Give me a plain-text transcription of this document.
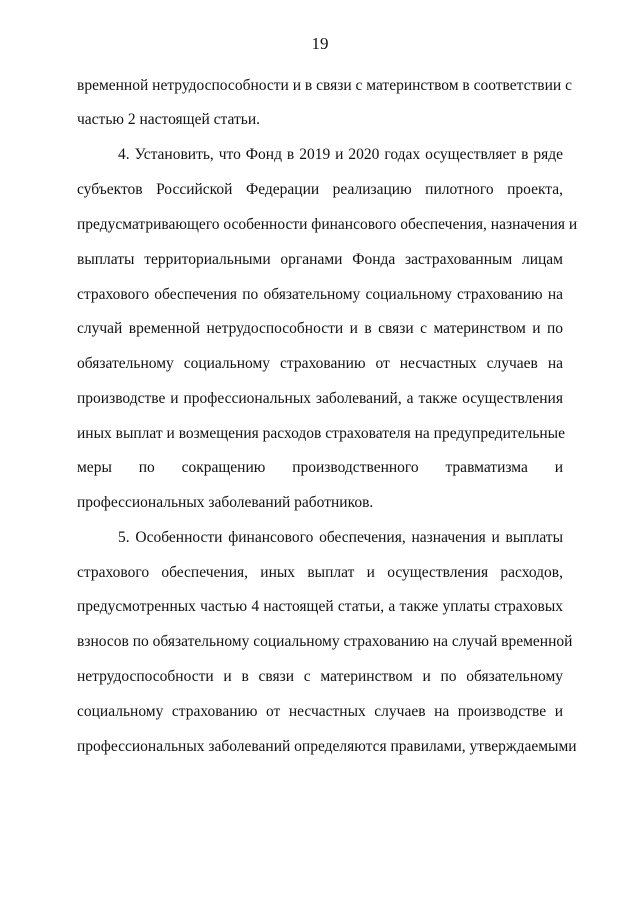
19
временной нетрудоспособности и в связи с материнством в соответствии с
частью 2 настоящей статьи.
4. Установить, что Фонд в 2019 и 2020 годах осуществляет в ряде
субъектов Российской Федерации реализацию пилотного проекта,
предусматривающего особенности финансового обеспечения, назначения и
выплаты территориальными органами Фонда застрахованным лицам
страхового обеспечения по обязательному социальному страхованию на
случай временной нетрудоспособности и в связи с материнством и по
обязательному социальному страхованию от несчастных случаев на
производстве и профессиональных заболеваний, а также осуществления
иных выплат и возмещения расходов страхователя на предупредительные
меры по сокращению производственного травматизма и
профессиональных заболеваний работников.
5. Особенности финансового обеспечения, назначения и выплаты
страхового обеспечения, иных выплат и осуществления расходов,
предусмотренных частью 4 настоящей статьи, а также уплаты страховых
взносов по обязательному социальному страхованию на случай временной
нетрудоспособности и в связи с материнством и по обязательному
социальному страхованию от несчастных случаев на производстве и
профессиональных заболеваний определяются правилами, утверждаемыми
